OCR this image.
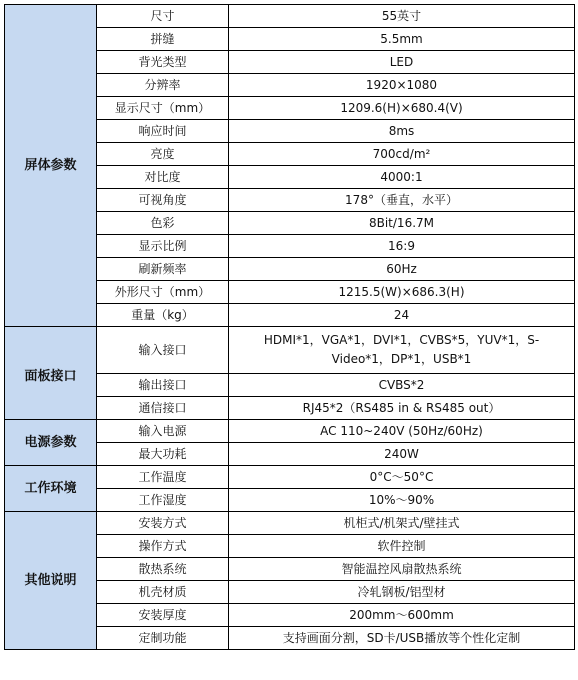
屏体参数	尺寸	55英寸
	拼缝	5.5mm
	背光类型	LED
	分辨率	1920×1080
	显示尺寸（mm）	1209.6(H)×680.4(V)
	响应时间	8ms
	亮度	700cd/m²
	对比度	4000:1
	可视角度	178°（垂直，水平）
	色彩	8Bit/16.7M
	显示比例	16:9
	刷新频率	60Hz
	外形尺寸（mm）	1215.5(W)×686.3(H)
	重量（kg）	24
面板接口	输入接口	HDMI*1，VGA*1，DVI*1，CVBS*5，YUV*1，S-Video*1，DP*1，USB*1
	输出接口	CVBS*2
	通信接口	RJ45*2（RS485 in & RS485 out）
电源参数	输入电源	AC 110~240V (50Hz/60Hz)
	最大功耗	240W
工作环境	工作温度	0°C～50°C
	工作湿度	10%～90%
其他说明	安装方式	机柜式/机架式/壁挂式
	操作方式	软件控制
	散热系统	智能温控风扇散热系统
	机壳材质	冷轧钢板/铝型材
	安装厚度	200mm～600mm
	定制功能	支持画面分割，SD卡/USB播放等个性化定制
